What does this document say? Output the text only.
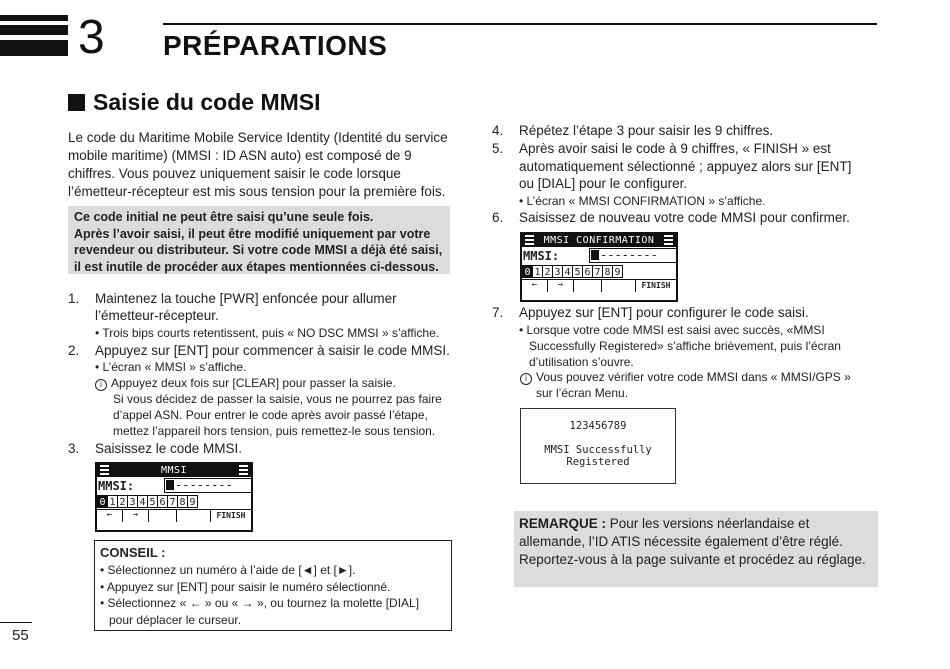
3 PRÉPARATIONS
Saisie du code MMSI
Le code du Maritime Mobile Service Identity (Identité du service mobile maritime) (MMSI : ID ASN auto) est composé de 9 chiffres. Vous pouvez uniquement saisir le code lorsque l’émetteur-récepteur est mis sous tension pour la première fois.
Ce code initial ne peut être saisi qu’une seule fois.
Après l’avoir saisi, il peut être modifié uniquement par votre revendeur ou distributeur. Si votre code MMSI a déjà été saisi, il est inutile de procéder aux étapes mentionnées ci-dessous.
1. Maintenez la touche [PWR] enfoncée pour allumer
l’émetteur-récepteur.
• Trois bips courts retentissent, puis « NO DSC MMSI » s’affiche.
2. Appuyez sur [ENT] pour commencer à saisir le code MMSI.
• L’écran « MMSI » s’affiche.
i Appuyez deux fois sur [CLEAR] pour passer la saisie.
Si vous décidez de passer la saisie, vous ne pourrez pas faire
d’appel ASN. Pour entrer le code après avoir passé l’étape,
mettez l’appareil hors tension, puis remettez-le sous tension.
3. Saisissez le code MMSI.
MMSI
MMSI:	--------
0 1 2 3 4 5 6 7 8 9
←	→	FINISH
CONSEIL :
• Sélectionnez un numéro à l’aide de [◄] et [►].
• Appuyez sur [ENT] pour saisir le numéro sélectionné.
• Sélectionnez « ← » ou « → », ou tournez la molette [DIAL]
pour déplacer le curseur.
55
4. Répétez l’étape 3 pour saisir les 9 chiffres.
5. Après avoir saisi le code à 9 chiffres, « FINISH » est
automatiquement sélectionné ; appuyez alors sur [ENT]
ou [DIAL] pour le configurer.
• L’écran « MMSI CONFIRMATION » s’affiche.
6. Saisissez de nouveau votre code MMSI pour confirmer.
MMSI CONFIRMATION
MMSI:	--------
0 1 2 3 4 5 6 7 8 9
←	→	FINISH
7. Appuyez sur [ENT] pour configurer le code saisi.
• Lorsque votre code MMSI est saisi avec succès, «MMSI
Successfully Registered» s’affiche brièvement, puis l’écran
d’utilisation s’ouvre.
i Vous pouvez vérifier votre code MMSI dans « MMSI/GPS »
sur l’écran Menu.
123456789
MMSI Successfully
Registered
REMARQUE : Pour les versions néerlandaise et allemande, l’ID ATIS nécessite également d’être réglé. Reportez-vous à la page suivante et procédez au réglage.
